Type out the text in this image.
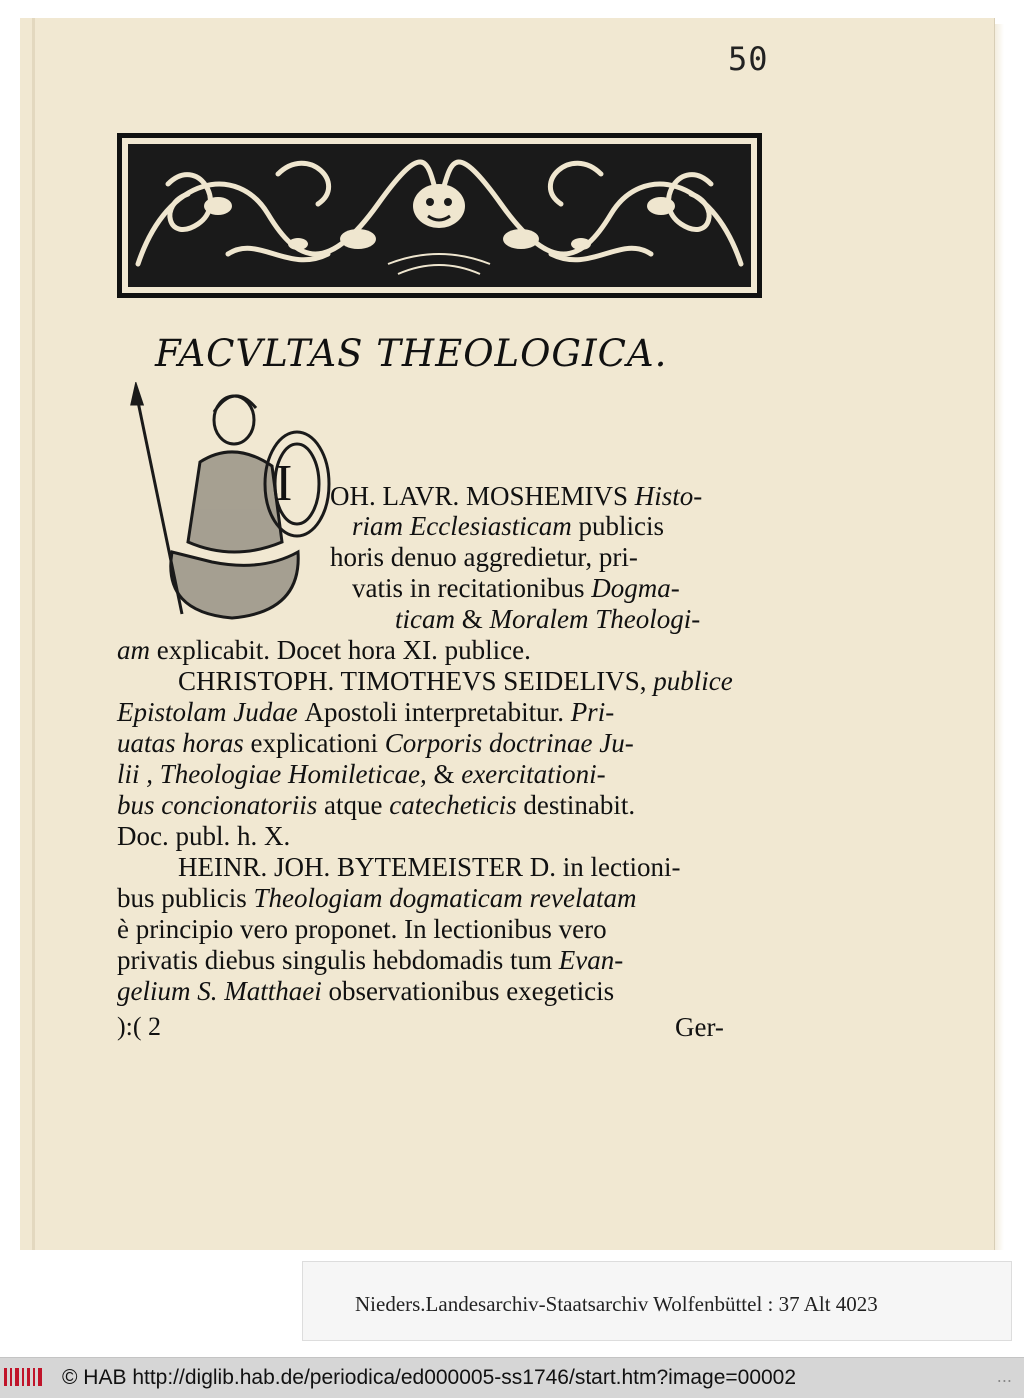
50
FACVLTAS THEOLOGICA.
I OH. LAVR. MOSHEMIVS Histo-
riam Ecclesiasticam publicis
horis denuo aggredietur, pri-
vatis in recitationibus Dogma-
ticam & Moralem Theologi-
am explicabit. Docet hora XI. publice.
CHRISTOPH. TIMOTHEVS SEIDELIVS, publice
Epistolam Judae Apostoli interpretabitur. Pri-
uatas horas explicationi Corporis doctrinae Ju-
lii , Theologiae Homileticae, & exercitationi-
bus concionatoriis atque catecheticis destinabit.
Doc. publ. h. X.
HEINR. JOH. BYTEMEISTER D. in lectioni-
bus publicis Theologiam dogmaticam revelatam
è principio vero proponet. In lectionibus vero
privatis diebus singulis hebdomadis tum Evan-
gelium S. Matthaei observationibus exegeticis
):( 2	Ger-
Nieders.Landesarchiv-Staatsarchiv Wolfenbüttel : 37 Alt 4023
© HAB http://diglib.hab.de/periodica/ed000005-ss1746/start.htm?image=00002	...
